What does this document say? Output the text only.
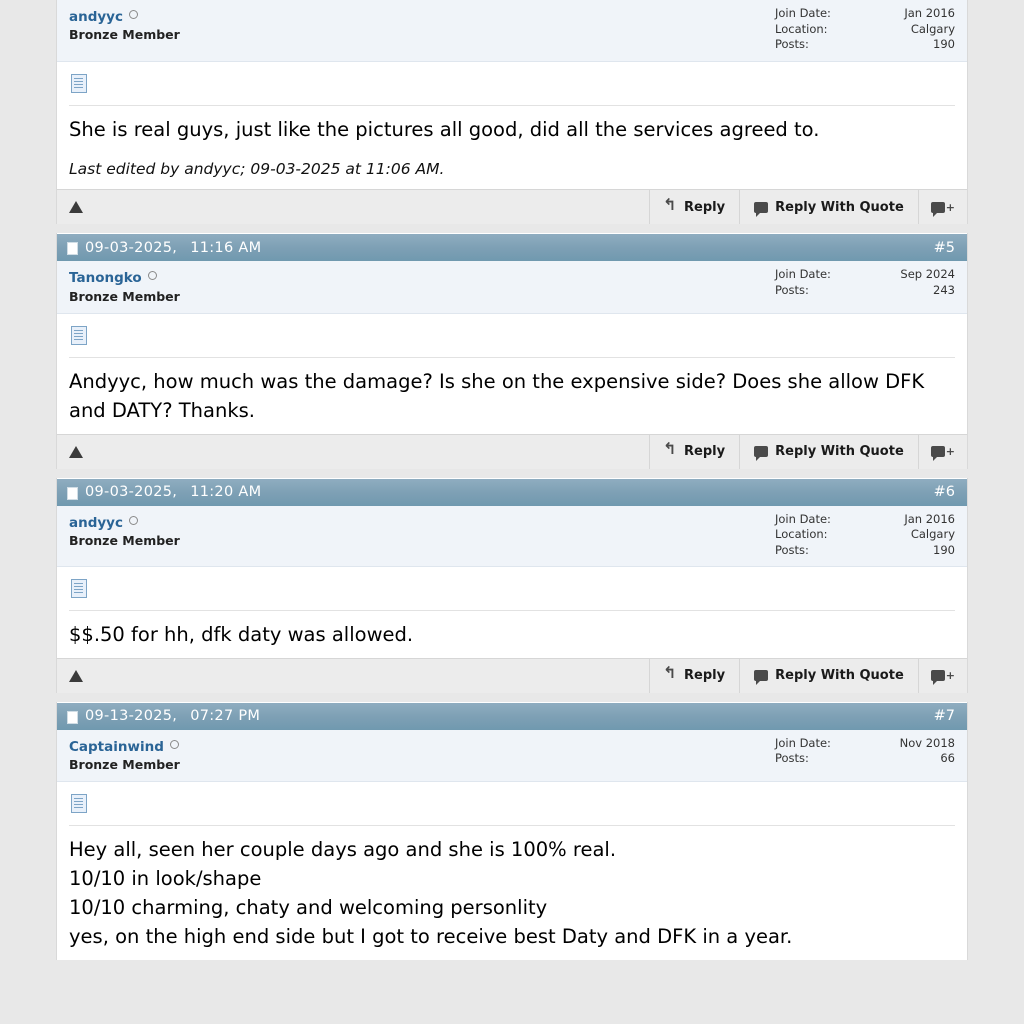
andyyc
Bronze Member
Join Date:	Jan 2016
Location:	Calgary
Posts:	190

She is real guys, just like the pictures all good, did all the services agreed to.

Last edited by andyyc; 09-03-2025 at 11:06 AM.
↰
Reply	Reply With Quote	+
09-03-2025, 11:16 AM	#5
Tanongko
Bronze Member
Join Date:	Sep 2024
Posts:	243

Andyyc, how much was the damage? Is she on the expensive side? Does she allow DFK and DATY? Thanks.

↰
Reply	Reply With Quote	+
09-03-2025, 11:20 AM	#6
andyyc
Bronze Member
Join Date:	Jan 2016
Location:	Calgary
Posts:	190

$$.50 for hh, dfk daty was allowed.

↰
Reply	Reply With Quote	+
09-13-2025, 07:27 PM	#7
Captainwind
Bronze Member
Join Date:	Nov 2018
Posts:	66

Hey all, seen her couple days ago and she is 100% real.

10/10 in look/shape

10/10 charming, chaty and welcoming personlity

yes, on the high end side but I got to receive best Daty and DFK in a year.
